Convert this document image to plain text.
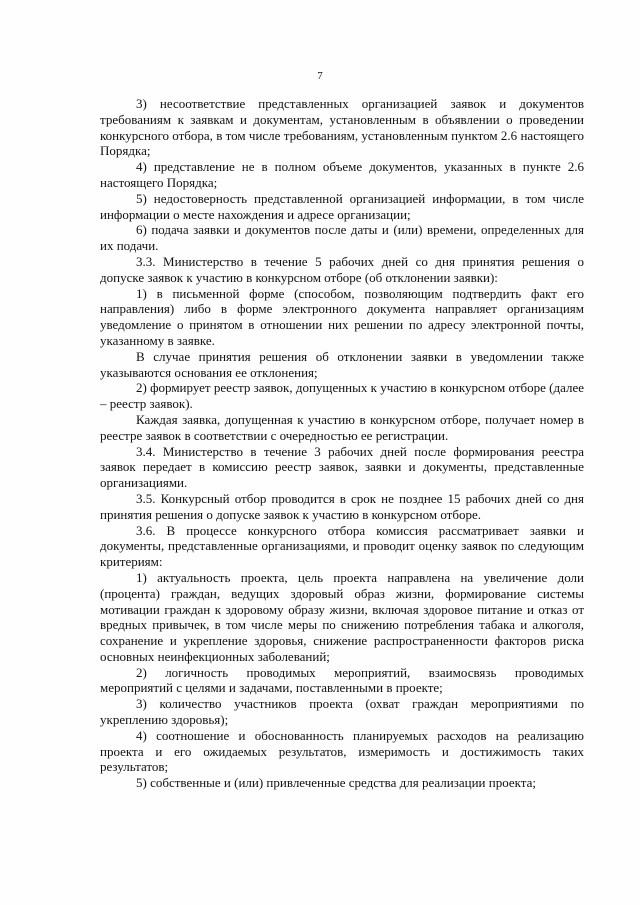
7

3) несоответствие представленных организацией заявок и документов требованиям к заявкам и документам, установленным в объявлении о проведении конкурсного отбора, в том числе требованиям, установленным пунктом 2.6 настоящего Порядка;

4) представление не в полном объеме документов, указанных в пункте 2.6 настоящего Порядка;

5) недостоверность представленной организацией информации, в том числе информации о месте нахождения и адресе организации;

6) подача заявки и документов после даты и (или) времени, определенных для их подачи.

3.3. Министерство в течение 5 рабочих дней со дня принятия решения о допуске заявок к участию в конкурсном отборе (об отклонении заявки):

1) в письменной форме (способом, позволяющим подтвердить факт его направления) либо в форме электронного документа направляет организациям уведомление о принятом в отношении них решении по адресу электронной почты, указанному в заявке.

В случае принятия решения об отклонении заявки в уведомлении также указываются основания ее отклонения;

2) формирует реестр заявок, допущенных к участию в конкурсном отборе (далее – реестр заявок).

Каждая заявка, допущенная к участию в конкурсном отборе, получает номер в реестре заявок в соответствии с очередностью ее регистрации.

3.4. Министерство в течение 3 рабочих дней после формирования реестра заявок передает в комиссию реестр заявок, заявки и документы, представленные организациями.

3.5. Конкурсный отбор проводится в срок не позднее 15 рабочих дней со дня принятия решения о допуске заявок к участию в конкурсном отборе.

3.6. В процессе конкурсного отбора комиссия рассматривает заявки и документы, представленные организациями, и проводит оценку заявок по следующим критериям:

1) актуальность проекта, цель проекта направлена на увеличение доли (процента) граждан, ведущих здоровый образ жизни, формирование системы мотивации граждан к здоровому образу жизни, включая здоровое питание и отказ от вредных привычек, в том числе меры по снижению потребления табака и алкоголя, сохранение и укрепление здоровья, снижение распространенности факторов риска основных неинфекционных заболеваний;

2) логичность проводимых мероприятий, взаимосвязь проводимых мероприятий с целями и задачами, поставленными в проекте;

3) количество участников проекта (охват граждан мероприятиями по укреплению здоровья);

4) соотношение и обоснованность планируемых расходов на реализацию проекта и его ожидаемых результатов, измеримость и достижимость таких результатов;

5) собственные и (или) привлеченные средства для реализации проекта;
